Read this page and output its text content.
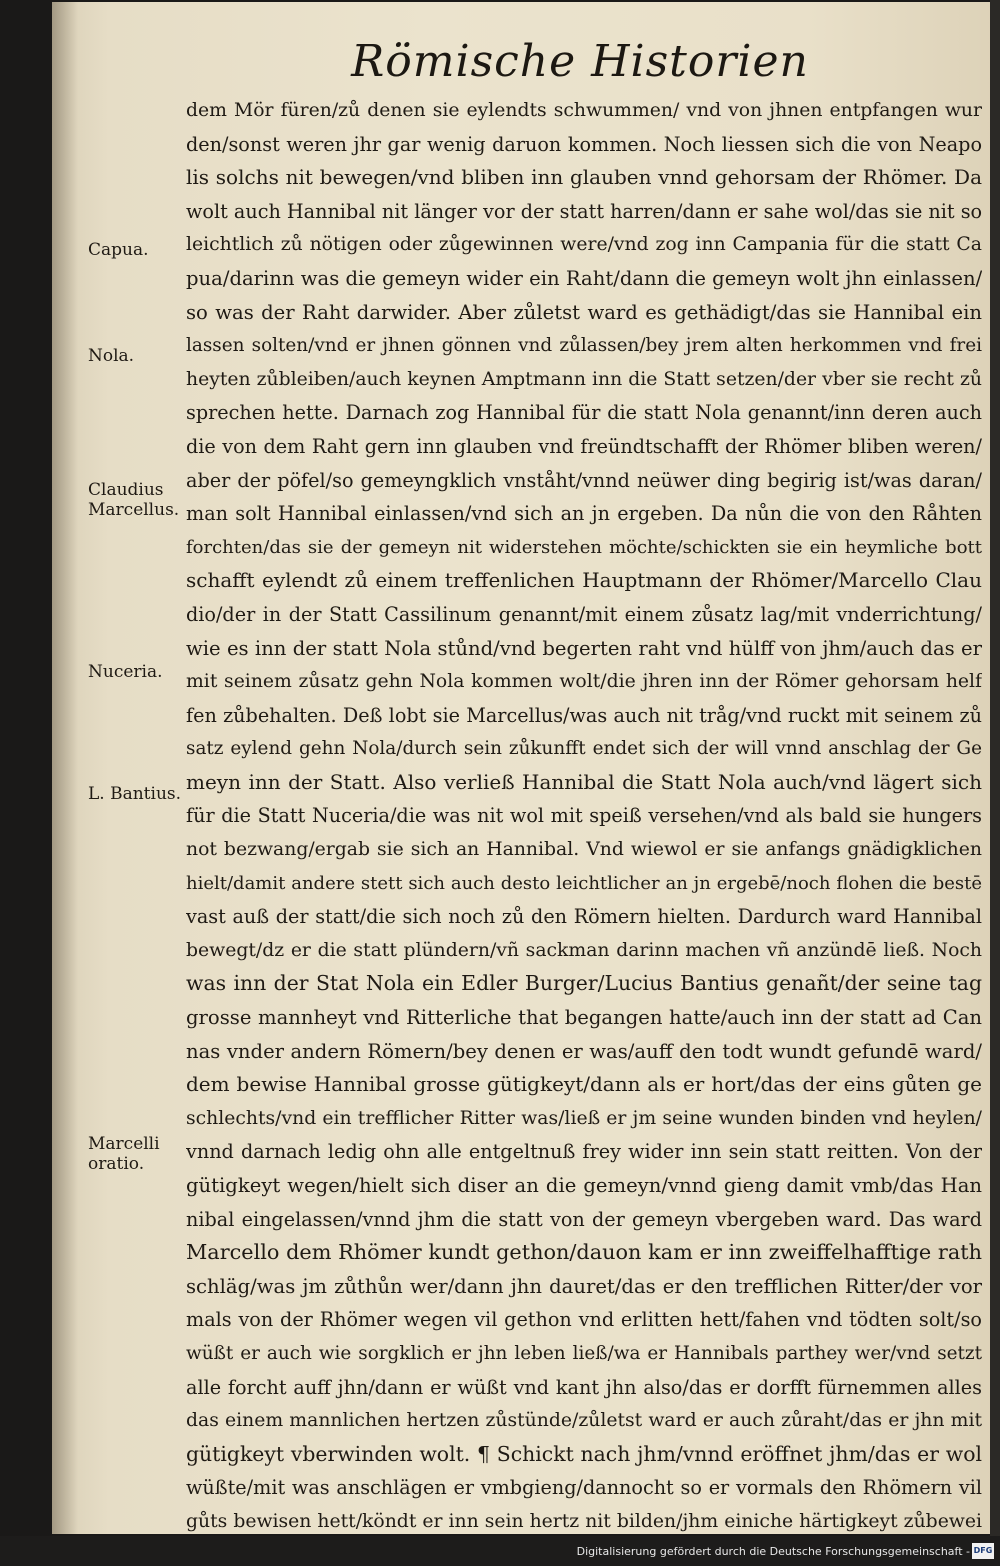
Römische Historien
Capua.
Nola.
Claudius Marcellus.
Nuceria.
L. Bantius.
Marcelli oratio.
dem Mör füren/zů denen sie eylendts schwummen/ vnd von jhnen entpfangen wur
den/sonst weren jhr gar wenig daruon kommen. Noch liessen sich die von Neapo
lis solchs nit bewegen/vnd bliben inn glauben vnnd gehorsam der Rhömer. Da
wolt auch Hannibal nit länger vor der statt harren/dann er sahe wol/das sie nit so
leichtlich zů nötigen oder zůgewinnen were/vnd zog inn Campania für die statt Ca
pua/darinn was die gemeyn wider ein Raht/dann die gemeyn wolt jhn einlassen/
so was der Raht darwider. Aber zůletst ward es gethädigt/das sie Hannibal ein
lassen solten/vnd er jhnen gönnen vnd zůlassen/bey jrem alten herkommen vnd frei
heyten zůbleiben/auch keynen Amptmann inn die Statt setzen/der vber sie recht zů
sprechen hette. Darnach zog Hannibal für die statt Nola genannt/inn deren auch
die von dem Raht gern inn glauben vnd freündtschafft der Rhömer bliben weren/
aber der pöfel/so gemeyngklich vnståht/vnnd neüwer ding begirig ist/was daran/
man solt Hannibal einlassen/vnd sich an jn ergeben. Da nůn die von den Råhten
forchten/das sie der gemeyn nit widerstehen möchte/schickten sie ein heymliche bott
schafft eylendt zů einem treffenlichen Hauptmann der Rhömer/Marcello Clau
dio/der in der Statt Cassilinum genannt/mit einem zůsatz lag/mit vnderrichtung/
wie es inn der statt Nola stůnd/vnd begerten raht vnd hülff von jhm/auch das er
mit seinem zůsatz gehn Nola kommen wolt/die jhren inn der Römer gehorsam helf
fen zůbehalten. Deß lobt sie Marcellus/was auch nit tråg/vnd ruckt mit seinem zů
satz eylend gehn Nola/durch sein zůkunfft endet sich der will vnnd anschlag der Ge
meyn inn der Statt. Also verließ Hannibal die Statt Nola auch/vnd lägert sich
für die Statt Nuceria/die was nit wol mit speiß versehen/vnd als bald sie hungers
not bezwang/ergab sie sich an Hannibal. Vnd wiewol er sie anfangs gnädigklichen
hielt/damit andere stett sich auch desto leichtlicher an jn ergebē/noch flohen die bestē
vast auß der statt/die sich noch zů den Römern hielten. Dardurch ward Hannibal
bewegt/dz er die statt plündern/vñ sackman darinn machen vñ anzündē ließ. Noch
was inn der Stat Nola ein Edler Burger/Lucius Bantius genañt/der seine tag
grosse mannheyt vnd Ritterliche that begangen hatte/auch inn der statt ad Can
nas vnder andern Römern/bey denen er was/auff den todt wundt gefundē ward/
dem bewise Hannibal grosse gütigkeyt/dann als er hort/das der eins gůten ge
schlechts/vnd ein trefflicher Ritter was/ließ er jm seine wunden binden vnd heylen/
vnnd darnach ledig ohn alle entgeltnuß frey wider inn sein statt reitten. Von der
gütigkeyt wegen/hielt sich diser an die gemeyn/vnnd gieng damit vmb/das Han
nibal eingelassen/vnnd jhm die statt von der gemeyn vbergeben ward. Das ward
Marcello dem Rhömer kundt gethon/dauon kam er inn zweiffelhafftige rath
schläg/was jm zůthůn wer/dann jhn dauret/das er den trefflichen Ritter/der vor
mals von der Rhömer wegen vil gethon vnd erlitten hett/fahen vnd tödten solt/so
wüßt er auch wie sorgklich er jhn leben ließ/wa er Hannibals parthey wer/vnd setzt
alle forcht auff jhn/dann er wüßt vnd kant jhn also/das er dorfft fürnemmen alles
das einem mannlichen hertzen zůstünde/zůletst ward er auch zůraht/das er jhn mit
gütigkeyt vberwinden wolt. ¶ Schickt nach jhm/vnnd eröffnet jhm/das er wol
wüßte/mit was anschlägen er vmbgieng/dannocht so er vormals den Rhömern vil
gůts bewisen hett/köndt er inn sein hertz nit bilden/jhm einiche härtigkeyt zůbewei
Digitalisierung gefördert durch die Deutsche Forschungsgemeinschaft - DFG
